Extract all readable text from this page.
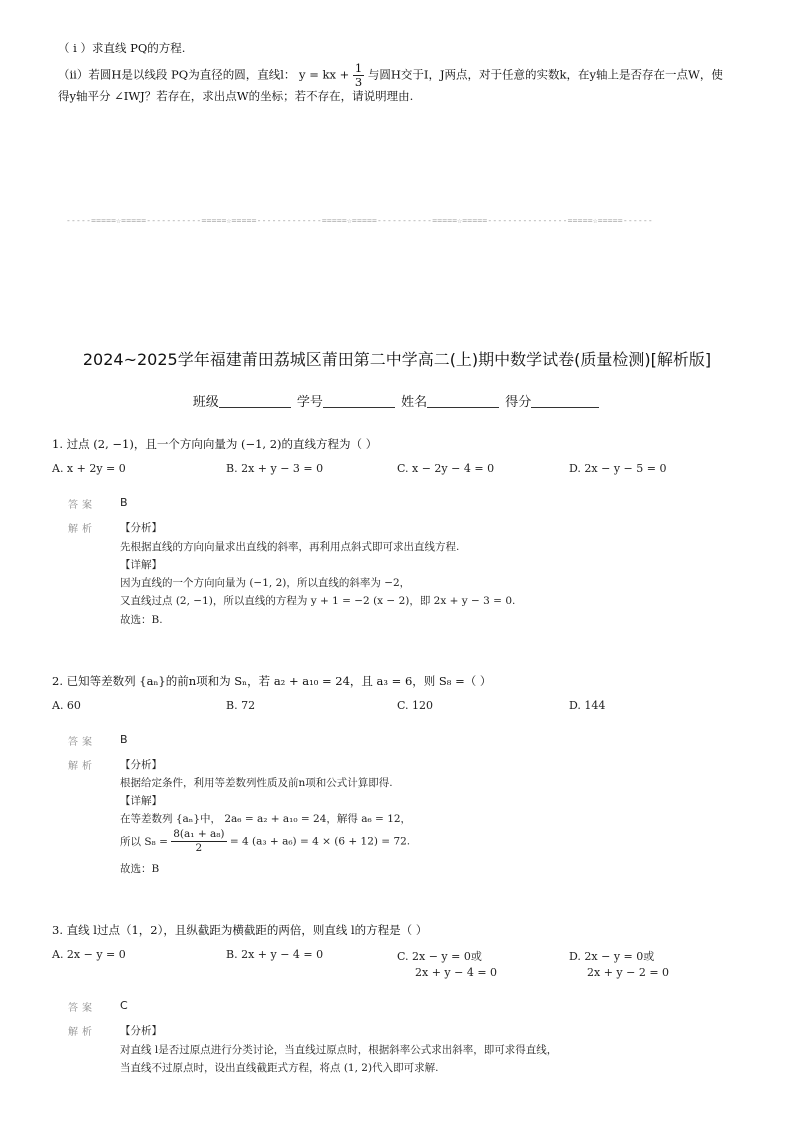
（ i ）求直线 PQ的方程.
（ii）若圆H是以线段 PQ为直径的圆，直线l： y = kx + $\frac{1}{3}$ 与圆H交于I，J两点，对于任意的实数k，在y轴上是否存在一点W，使
得y轴平分 ∠IWJ？若存在，求出点W的坐标；若不存在，请说明理由.
-----=====☆=====-----------=====☆=====-------------=====☆=====-----------=====☆=====----------------=====☆=====------
2024~2025学年福建莆田荔城区莆田第二中学高二(上)期中数学试卷(质量检测)[解析版]
班级	学号	姓名	得分
1. 过点 (2, −1)，且一个方向向量为 (−1, 2)的直线方程为（ ）
A. x + 2y = 0	B. 2x + y − 3 = 0	C. x − 2y − 4 = 0	D. 2x − y − 5 = 0
答案 B
解析 【分析】
先根据直线的方向向量求出直线的斜率，再利用点斜式即可求出直线方程.
【详解】
因为直线的一个方向向量为 (−1, 2)，所以直线的斜率为 −2，
又直线过点 (2, −1)，所以直线的方程为 y + 1 = −2 (x − 2)，即 2x + y − 3 = 0.
故选：B.
2. 已知等差数列 {aₙ}的前n项和为 Sₙ，若 a₂ + a₁₀ = 24，且 a₃ = 6，则 S₈ =（ ）
A. 60	B. 72	C. 120	D. 144
答案 B
解析 【分析】
根据给定条件，利用等差数列性质及前n项和公式计算即得.
【详解】
在等差数列 {aₙ}中， 2a₆ = a₂ + a₁₀ = 24，解得 a₆ = 12，
所以 $S_8 = \frac{\text{8(a₁ + a₈)}}{2} = 4$ (a₃ + a₆) = 4 × (6 + 12) = 72.
故选：B
3. 直线 l过点（1，2），且纵截距为横截距的两倍，则直线 l的方程是（ ）
A. 2x − y = 0	B. 2x + y − 4 = 0	C. 2x − y = 0或
2x + y − 4 = 0
D. 2x − y = 0或
2x + y − 2 = 0
答案 C
解析 【分析】
对直线 l是否过原点进行分类讨论，当直线过原点时，根据斜率公式求出斜率，即可求得直线，
当直线不过原点时，设出直线截距式方程，将点 (1, 2)代入即可求解.
